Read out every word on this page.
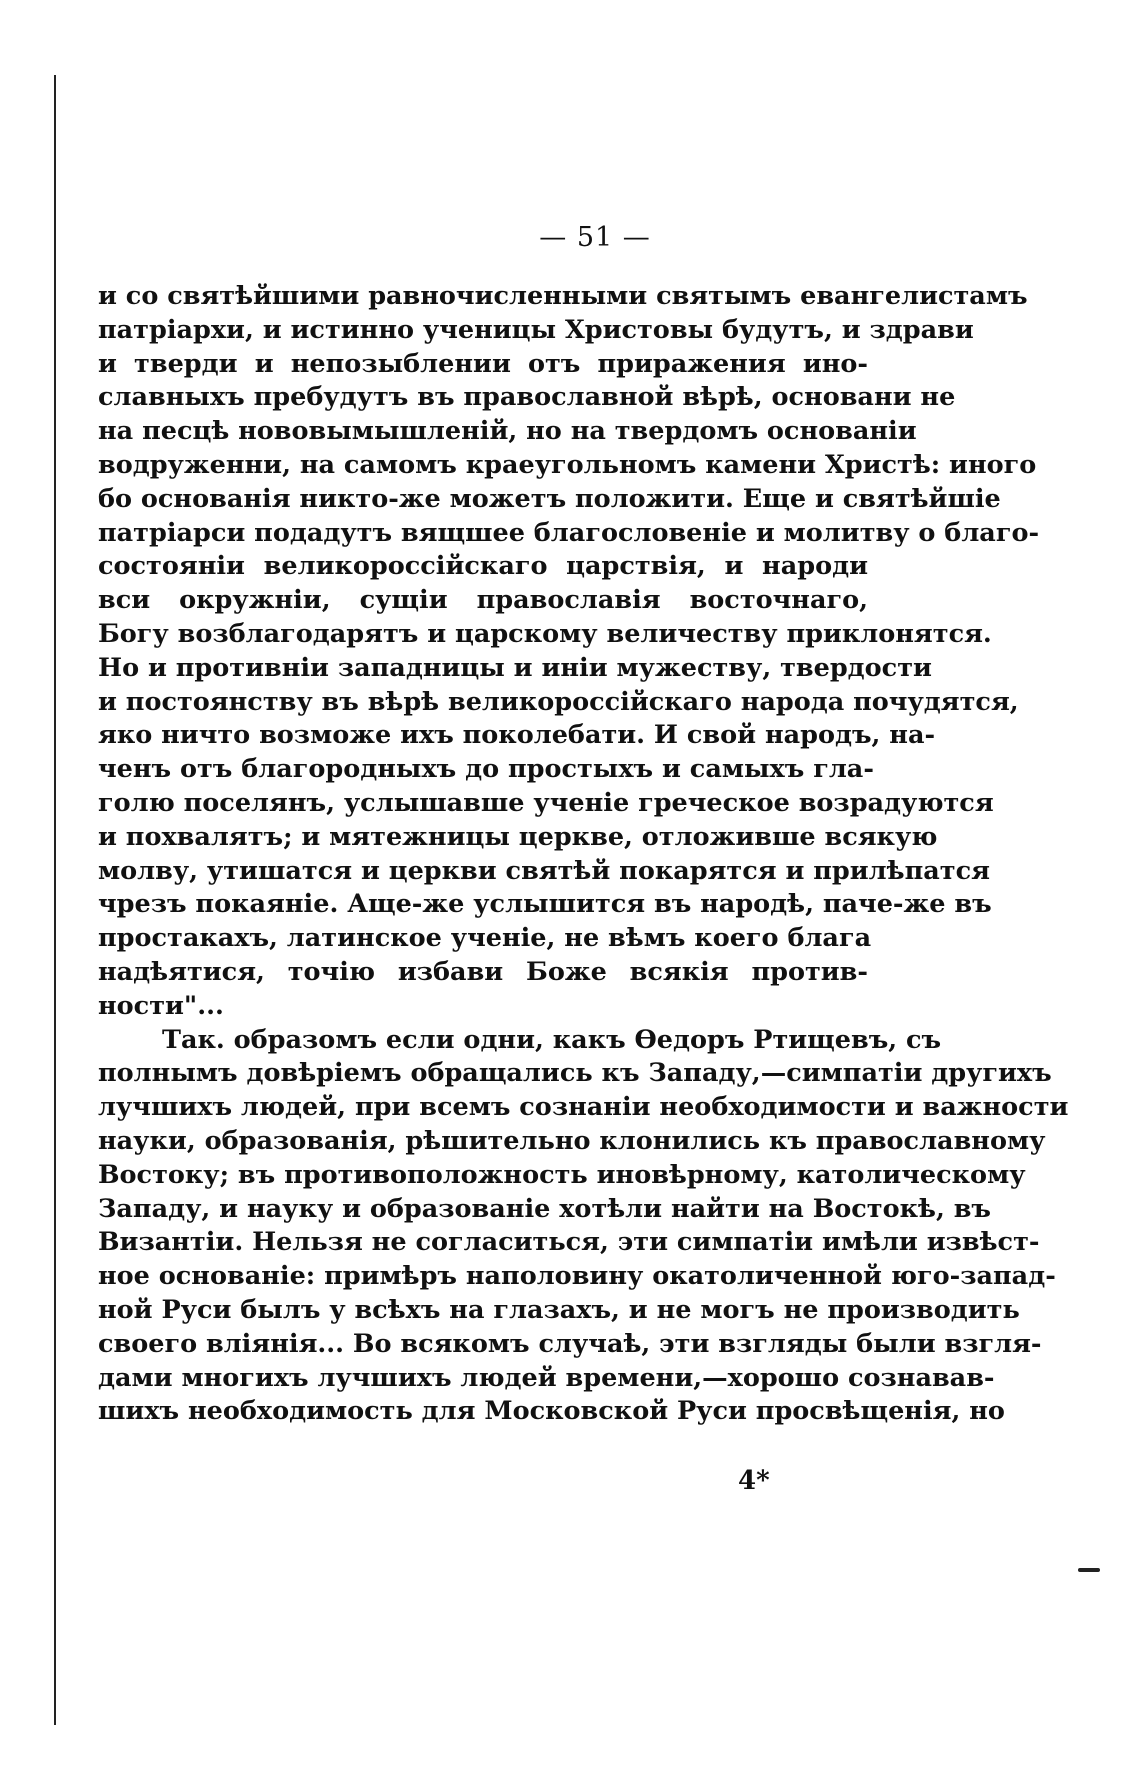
— 51 —
и со святѣйшими равночисленными святымъ евангелистамъ
патріархи, и истинно ученицы Христовы будутъ, и здрави
и тверди и непозыблении отъ приражения ино-
славныхъ пребудутъ въ православной вѣрѣ, основани не
на песцѣ нововымышленій, но на твердомъ основаніи
водруженни, на самомъ краеугольномъ камени Христѣ: иного
бо основанія никто-же можетъ положити. Еще и святѣйшіе
патріарси подадутъ вящшее благословеніе и молитву о благо-
состояніи великороссійскаго царствія, и народи
вси окружніи, сущіи православія восточнаго,
Богу возблагодарятъ и царскому величеству приклонятся.
Но и противніи западницы и иніи мужеству, твердости
и постоянству въ вѣрѣ великороссійскаго народа почудятся,
яко ничто возможе ихъ поколебати. И свой народъ, на-
ченъ отъ благородныхъ до простыхъ и самыхъ гла-
голю поселянъ, услышавше ученіе греческое возрадуются
и похвалятъ; и мятежницы церкве, отложивше всякую
молву, утишатся и церкви святѣй покарятся и прилѣпатся
чрезъ покаяніе. Аще-же услышится въ народѣ, паче-же въ
простакахъ, латинское ученіе, не вѣмъ коего блага
надѣятися, точію избави Боже всякія против-
ности"...
Так. образомъ если одни, какъ Ѳедоръ Ртищевъ, съ
полнымъ довѣріемъ обращались къ Западу,—симпатіи другихъ
лучшихъ людей, при всемъ сознаніи необходимости и важности
науки, образованія, рѣшительно клонились къ православному
Востоку; въ противоположность иновѣрному, католическому
Западу, и науку и образованіе хотѣли найти на Востокѣ, въ
Византіи. Нельзя не согласиться, эти симпатіи имѣли извѣст-
ное основаніе: примѣръ наполовину окатоличенной юго-запад-
ной Руси былъ у всѣхъ на глазахъ, и не могъ не производить
своего вліянія... Во всякомъ случаѣ, эти взгляды были взгля-
дами многихъ лучшихъ людей времени,—хорошо сознавав-
шихъ необходимость для Московской Руси просвѣщенія, но
4*
